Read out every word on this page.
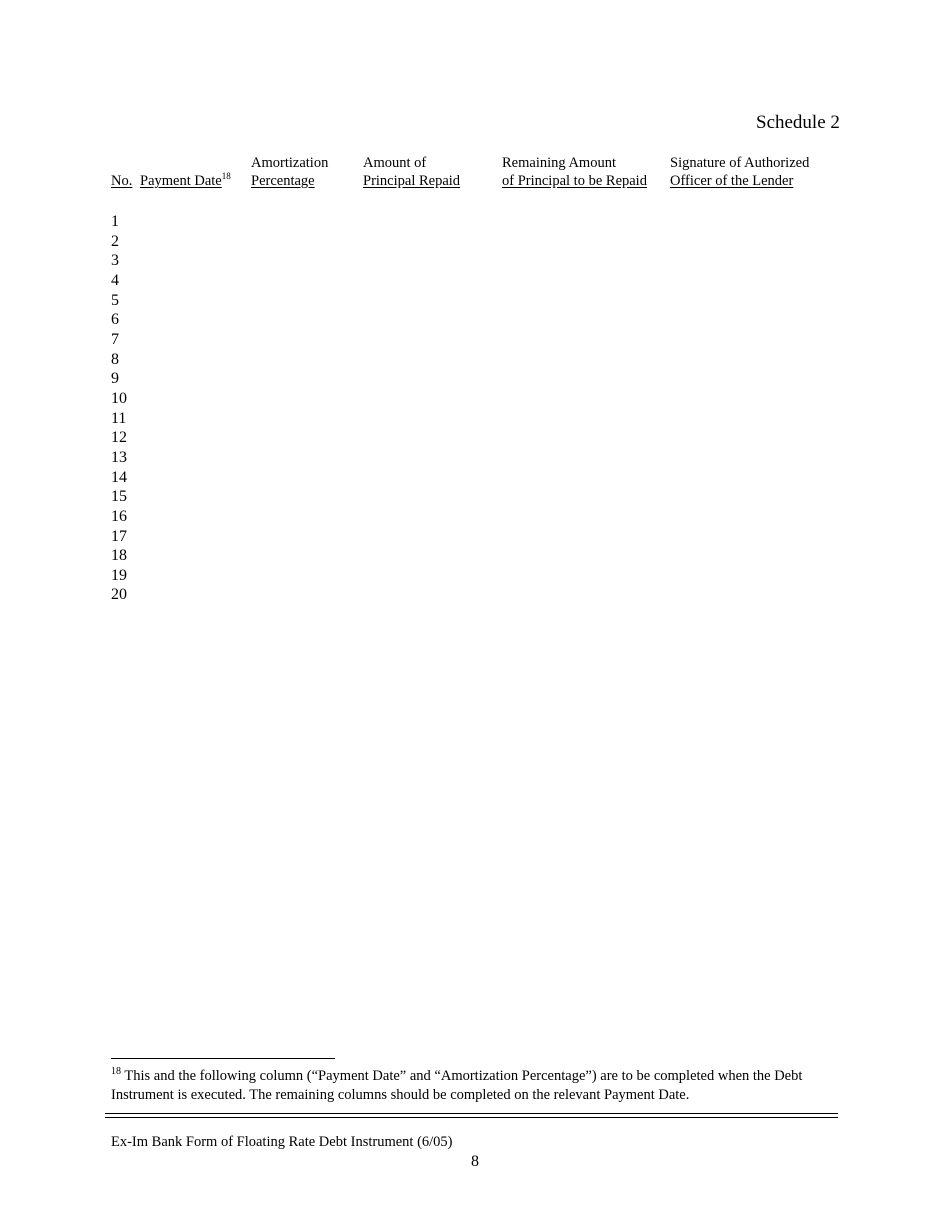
Schedule 2
No. Payment Date$^{18}$
Amortization
Percentage
Amount of
Principal Repaid
Remaining Amount
of Principal to be Repaid
Signature of Authorized
Officer of the Lender
1
2
3
4
5
6
7
8
9
10
11
12
13
14
15
16
17
18
19
20
$^{18}$ This and the following column (“Payment Date” and “Amortization Percentage”) are to be completed when the Debt Instrument is executed. The remaining columns should be completed on the relevant Payment Date.
Ex-Im Bank Form of Floating Rate Debt Instrument (6/05)
8
